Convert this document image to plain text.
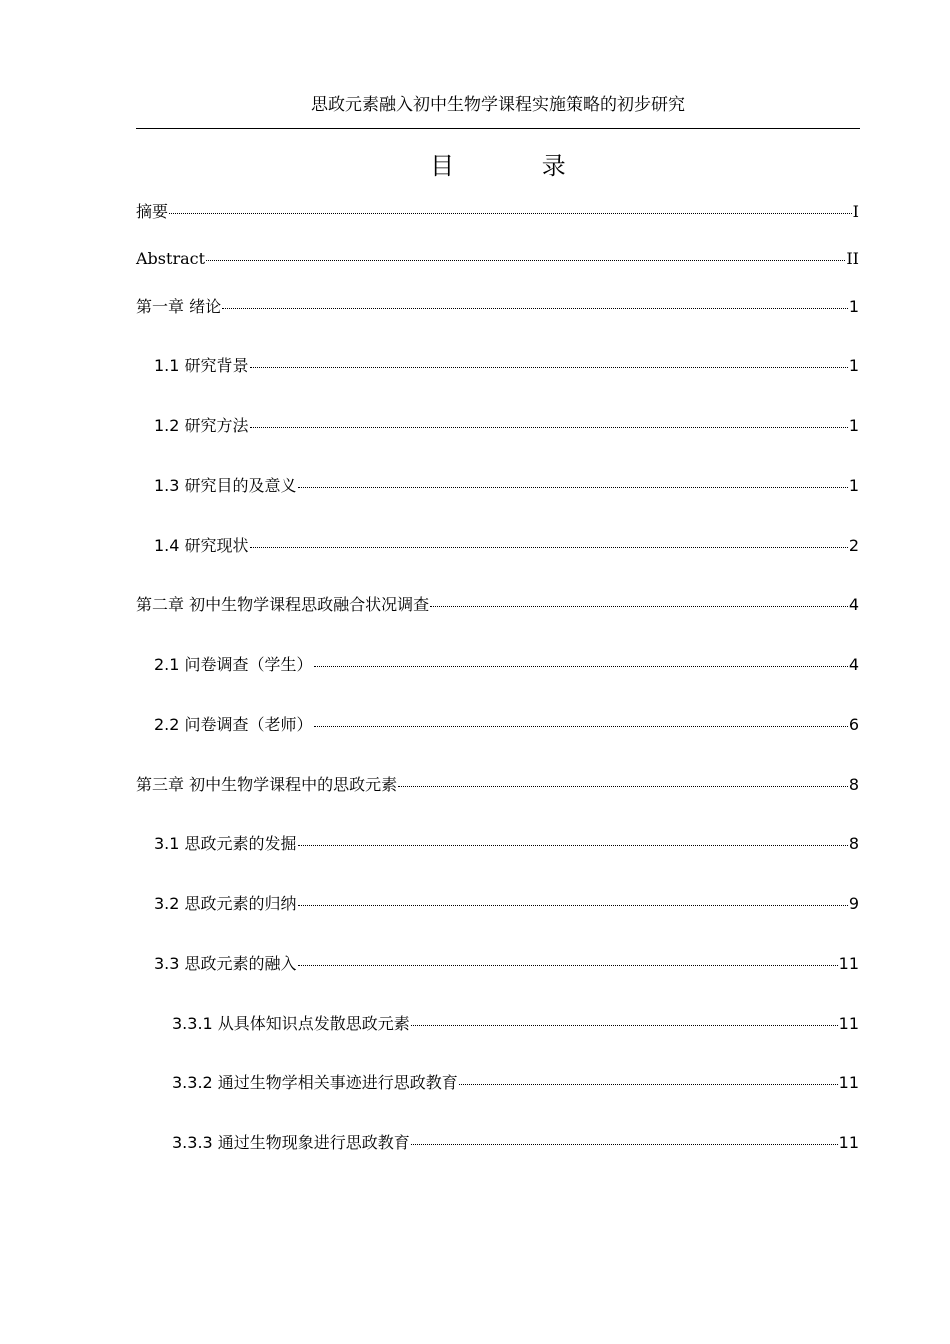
思政元素融入初中生物学课程实施策略的初步研究
目 录
摘要	I
Abstract	II
第一章 绪论	1
1.1 研究背景	1
1.2 研究方法	1
1.3 研究目的及意义	1
1.4 研究现状	2
第二章 初中生物学课程思政融合状况调查	4
2.1 问卷调查（学生）	4
2.2 问卷调查（老师）	6
第三章 初中生物学课程中的思政元素	8
3.1 思政元素的发掘	8
3.2 思政元素的归纳	9
3.3 思政元素的融入	11
3.3.1 从具体知识点发散思政元素	11
3.3.2 通过生物学相关事迹进行思政教育	11
3.3.3 通过生物现象进行思政教育	11
